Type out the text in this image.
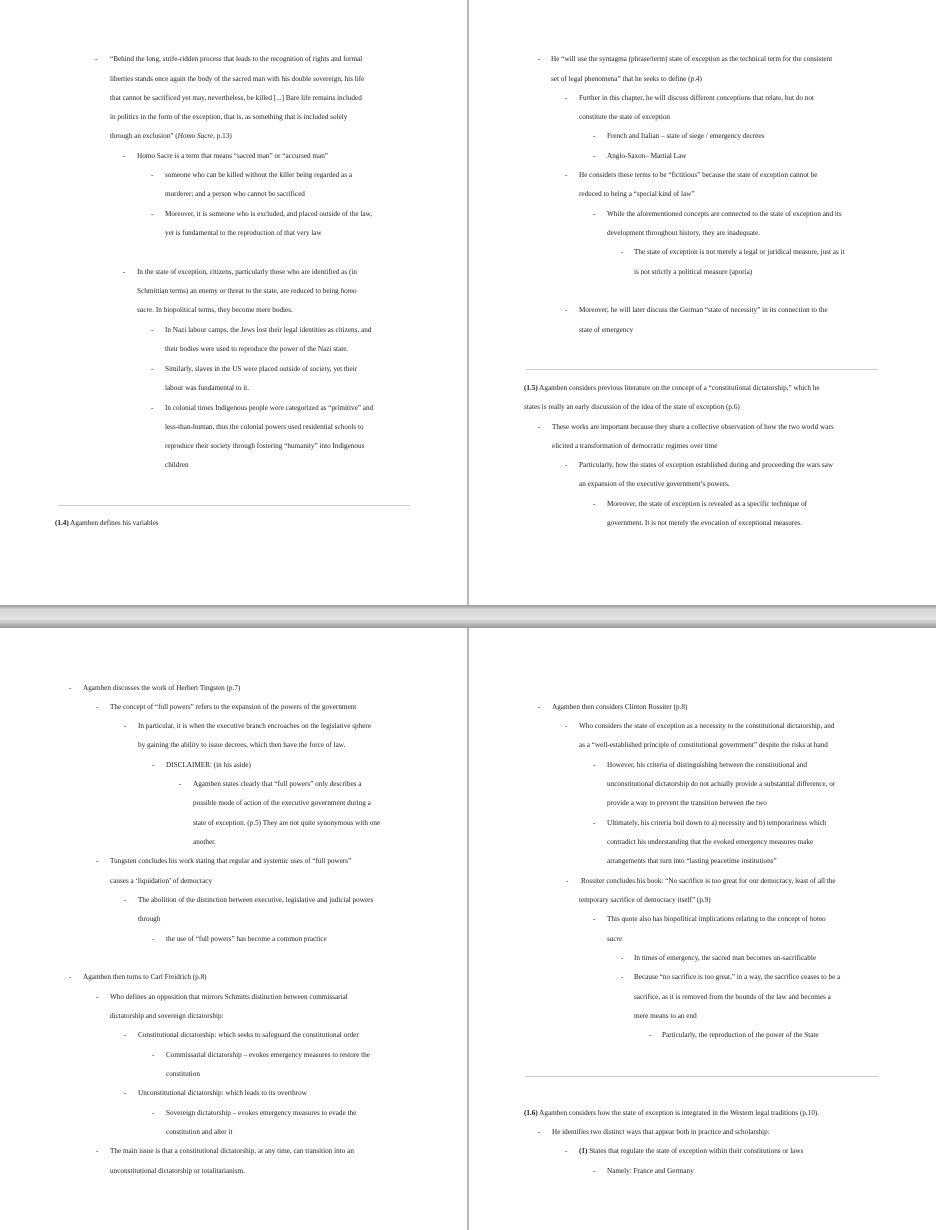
- “Behind the long, strife-ridden process that leads to the recognition of rights and formal
liberties stands once again the body of the sacred man with his double sovereign, his life
that cannot be sacrificed yet may, nevertheless, be killed [...] Bare life remains included
in politics in the form of the exception, that is, as something that is included solely
through an exclusion” (Homo Sacre, p.13)
- Homo Sacre is a term that means “sacred man” or “accursed man”
- someone who can be killed without the killer being regarded as a
murderer; and a person who cannot be sacrificed
- Moreover, it is someone who is excluded, and placed outside of the law,
yet is fundamental to the reproduction of that very law
- In the state of exception, citizens, particularly those who are identified as (in
Schmittian terms) an enemy or threat to the state, are reduced to being homo
sacre. In biopolitical terms, they become mere bodies.
- In Nazi labour camps, the Jews lost their legal identities as citizens, and
their bodies were used to reproduce the power of the Nazi state.
- Similarly, slaves in the US were placed outside of society, yet their
labour was fundamental to it.
- In colonial times Indigenous people were categorized as “primitive” and
less-than-human, thus the colonial powers used residential schools to
reproduce their society through fostering “humanity” into Indigenous
children
(1.4) Agamben defines his variables
- He “will use the syntagma (phrase/term) state of exception as the technical term for the consistent
set of legal phenomena” that he seeks to define (p.4)
- Further in this chapter, he will discuss different conceptions that relate, but do not
constitute the state of exception
- French and Italian – state of siege / emergency decrees
- Anglo-Saxon– Martial Law
- He considers these terms to be “fictitious” because the state of exception cannot be
reduced to being a “special kind of law”
- While the aforementioned concepts are connected to the state of exception and its
development throughout history, they are inadequate.
- The state of exception is not merely a legal or juridical measure, just as it
is not strictly a political measure (aporia)
- Moreover, he will later discuss the German “state of necessity” in its connection to the
state of emergency
(1.5) Agamben considers previous literature on the concept of a “constitutional dictatorship,” which he
states is really an early discussion of the idea of the state of exception (p.6)
- These works are important because they share a collective observation of how the two world wars
elicited a transformation of democratic regimes over time
- Particularly, how the states of exception established during and proceeding the wars saw
an expansion of the executive government’s powers.
- Moreover, the state of exception is revealed as a specific technique of
government. It is not merely the evocation of exceptional measures.
- Agamben discusses the work of Herbert Tingsten (p.7)
- The concept of “full powers” refers to the expansion of the powers of the government
- In particular, it is when the executive branch encroaches on the legislative sphere
by gaining the ability to issue decrees, which then have the force of law.
- DISCLAIMER: (in his aside)
- Agamben states clearly that “full powers” only describes a
possible mode of action of the executive government during a
state of exception. (p.5) They are not quite synonymous with one
another.
- Tungsten concludes his work stating that regular and systemic uses of “full powers”
causes a ‘liquidation’ of democracy
- The abolition of the distinction between executive, legislative and judicial powers
through
- the use of “full powers” has become a common practice
- Agamben then turns to Carl Freidrich (p.8)
- Who defines an opposition that mirrors Schmitts distinction between commissarial
dictatorship and sovereign dictatorship:
- Constitutional dictatorship: which seeks to safeguard the constitutional order
- Commissarial dictatorship – evokes emergency measures to restore the
constitution
- Unconstitutional dictatorship: which leads to its overthrow
- Sovereign dictatorship – evokes emergency measures to evade the
constitution and alter it
- The main issue is that a constitutional dictatorship, at any time, can transition into an
unconstitutional dictatorship or totalitarianism.
- Agamben then considers Clinton Rossiter (p.8)
- Who considers the state of exception as a necessity to the constitutional dictatorship, and
as a “well-established principle of constitutional government” despite the risks at hand
- However, his criteria of distinguishing between the constitutional and
unconstitutional dictatorship do not actually provide a substantial difference, or
provide a way to prevent the transition between the two
- Ultimately, his criteria boil down to a) necessity and b) temporariness which
contradict his understanding that the evoked emergency measures make
arrangements that turn into “lasting peacetime institutions”
- Rossiter concludes his book: “No sacrifice is too great for our democracy, least of all the
temporary sacrifice of democracy itself” (p.9)
- This quote also has biopolitical implications relating to the concept of homo
sacre
- In times of emergency, the sacred man becomes un-sacrificable
- Because “no sacrifice is too great,” in a way, the sacrifice ceases to be a
sacrifice, as it is removed from the bounds of the law and becomes a
mere means to an end
- Particularly, the reproduction of the power of the State
(1.6) Agamben considers how the state of exception is integrated in the Western legal traditions (p.10).
- He identifies two distinct ways that appear both in practice and scholarship:
- (1) States that regulate the state of exception within their constitutions or laws
- Namely: France and Germany
